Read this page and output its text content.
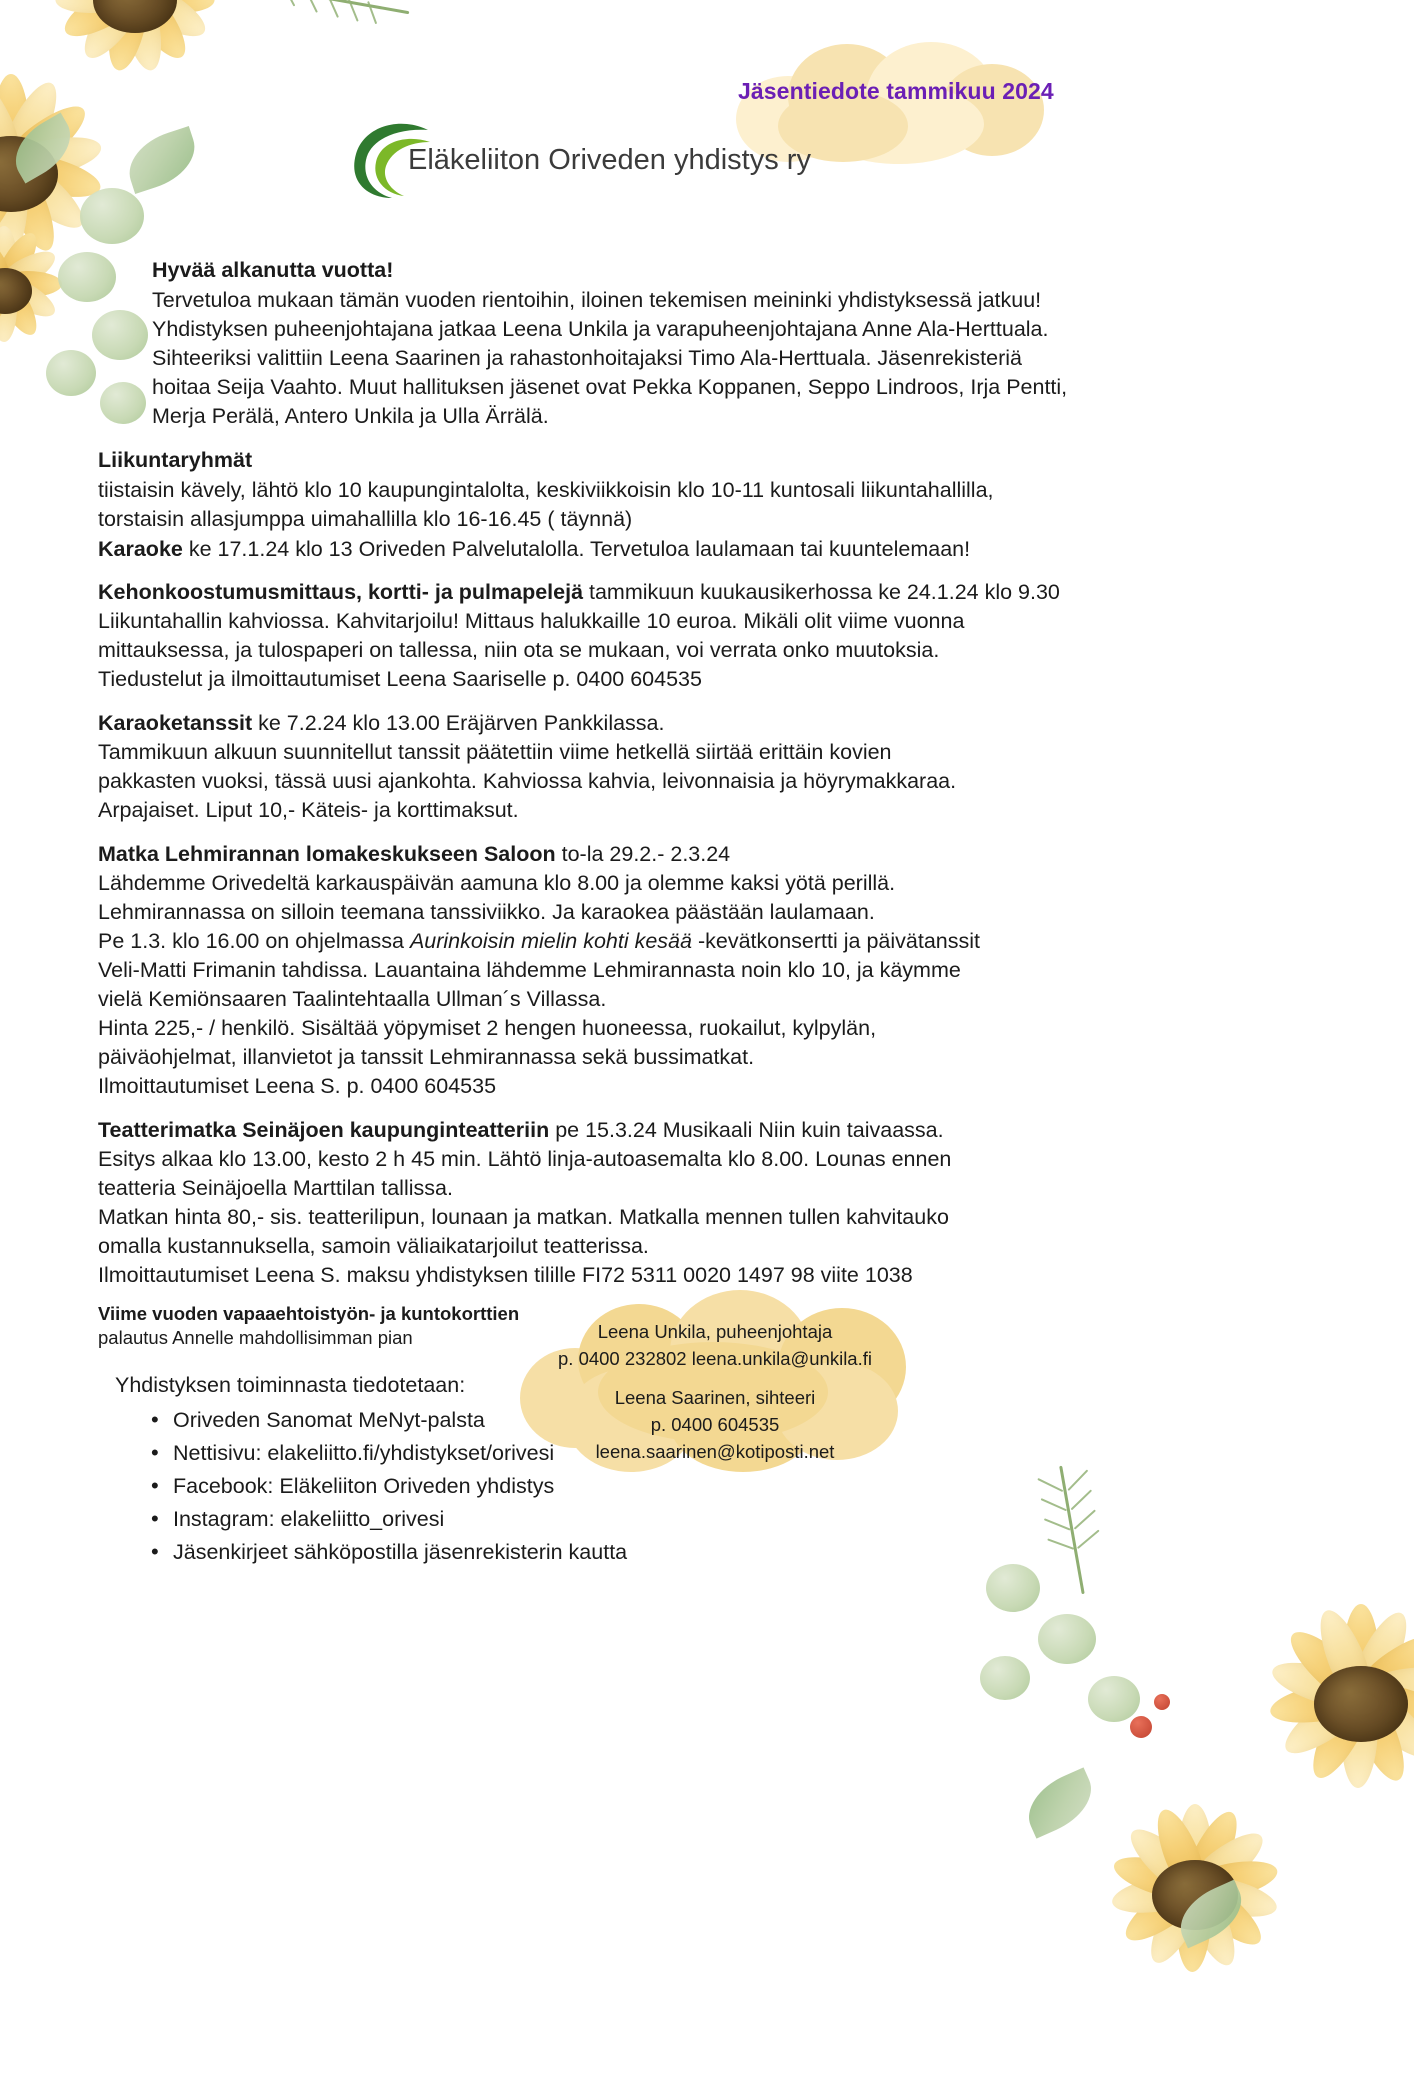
Jäsentiedote tammikuu 2024
Eläkeliiton Oriveden yhdistys ry
Hyvää alkanutta vuotta!
Tervetuloa mukaan tämän vuoden rientoihin, iloinen tekemisen meininki yhdistyksessä jatkuu!
Yhdistyksen puheenjohtajana jatkaa Leena Unkila ja varapuheenjohtajana Anne Ala-Herttuala.
Sihteeriksi valittiin Leena Saarinen ja rahastonhoitajaksi Timo Ala-Herttuala. Jäsenrekisteriä
hoitaa Seija Vaahto. Muut hallituksen jäsenet ovat Pekka Koppanen, Seppo Lindroos, Irja Pentti,
Merja Perälä, Antero Unkila ja Ulla Ärrälä.
Liikuntaryhmät
tiistaisin kävely, lähtö klo 10 kaupungintalolta, keskiviikkoisin klo 10-11 kuntosali liikuntahallilla,
torstaisin allasjumppa uimahallilla klo 16-16.45 ( täynnä)
Karaoke ke 17.1.24 klo 13 Oriveden Palvelutalolla. Tervetuloa laulamaan tai kuuntelemaan!
Kehonkoostumusmittaus, kortti- ja pulmapelejä tammikuun kuukausikerhossa ke 24.1.24 klo 9.30
Liikuntahallin kahviossa. Kahvitarjoilu! Mittaus halukkaille 10 euroa. Mikäli olit viime vuonna
mittauksessa, ja tulospaperi on tallessa, niin ota se mukaan, voi verrata onko muutoksia.
Tiedustelut ja ilmoittautumiset Leena Saariselle p. 0400 604535
Karaoketanssit ke 7.2.24 klo 13.00 Eräjärven Pankkilassa.
Tammikuun alkuun suunnitellut tanssit päätettiin viime hetkellä siirtää erittäin kovien
pakkasten vuoksi, tässä uusi ajankohta. Kahviossa kahvia, leivonnaisia ja höyrymakkaraa.
Arpajaiset. Liput 10,- Käteis- ja korttimaksut.
Matka Lehmirannan lomakeskukseen Saloon to-la 29.2.- 2.3.24
Lähdemme Orivedeltä karkauspäivän aamuna klo 8.00 ja olemme kaksi yötä perillä.
Lehmirannassa on silloin teemana tanssiviikko. Ja karaokea päästään laulamaan.
Pe 1.3. klo 16.00 on ohjelmassa Aurinkoisin mielin kohti kesää -kevätkonsertti ja päivätanssit
Veli-Matti Frimanin tahdissa. Lauantaina lähdemme Lehmirannasta noin klo 10, ja käymme
vielä Kemiönsaaren Taalintehtaalla Ullman´s Villassa.
Hinta 225,- / henkilö. Sisältää yöpymiset 2 hengen huoneessa, ruokailut, kylpylän,
päiväohjelmat, illanvietot ja tanssit Lehmirannassa sekä bussimatkat.
Ilmoittautumiset Leena S. p. 0400 604535
Teatterimatka Seinäjoen kaupunginteatteriin pe 15.3.24 Musikaali Niin kuin taivaassa.
Esitys alkaa klo 13.00, kesto 2 h 45 min. Lähtö linja-autoasemalta klo 8.00. Lounas ennen
teatteria Seinäjoella Marttilan tallissa.
Matkan hinta 80,- sis. teatterilipun, lounaan ja matkan. Matkalla mennen tullen kahvitauko
omalla kustannuksella, samoin väliaikatarjoilut teatterissa.
Ilmoittautumiset Leena S. maksu yhdistyksen tilille FI72 5311 0020 1497 98 viite 1038
Viime vuoden vapaaehtoistyön- ja kuntokorttien
palautus Annelle mahdollisimman pian
Yhdistyksen toiminnasta tiedotetaan:
• Oriveden Sanomat MeNyt-palsta
• Nettisivu: elakeliitto.fi/yhdistykset/orivesi
• Facebook: Eläkeliiton Oriveden yhdistys
• Instagram: elakeliitto_orivesi
• Jäsenkirjeet sähköpostilla jäsenrekisterin kautta
Leena Unkila, puheenjohtaja
p. 0400 232802 leena.unkila@unkila.fi
Leena Saarinen, sihteeri
p. 0400 604535
leena.saarinen@kotiposti.net
